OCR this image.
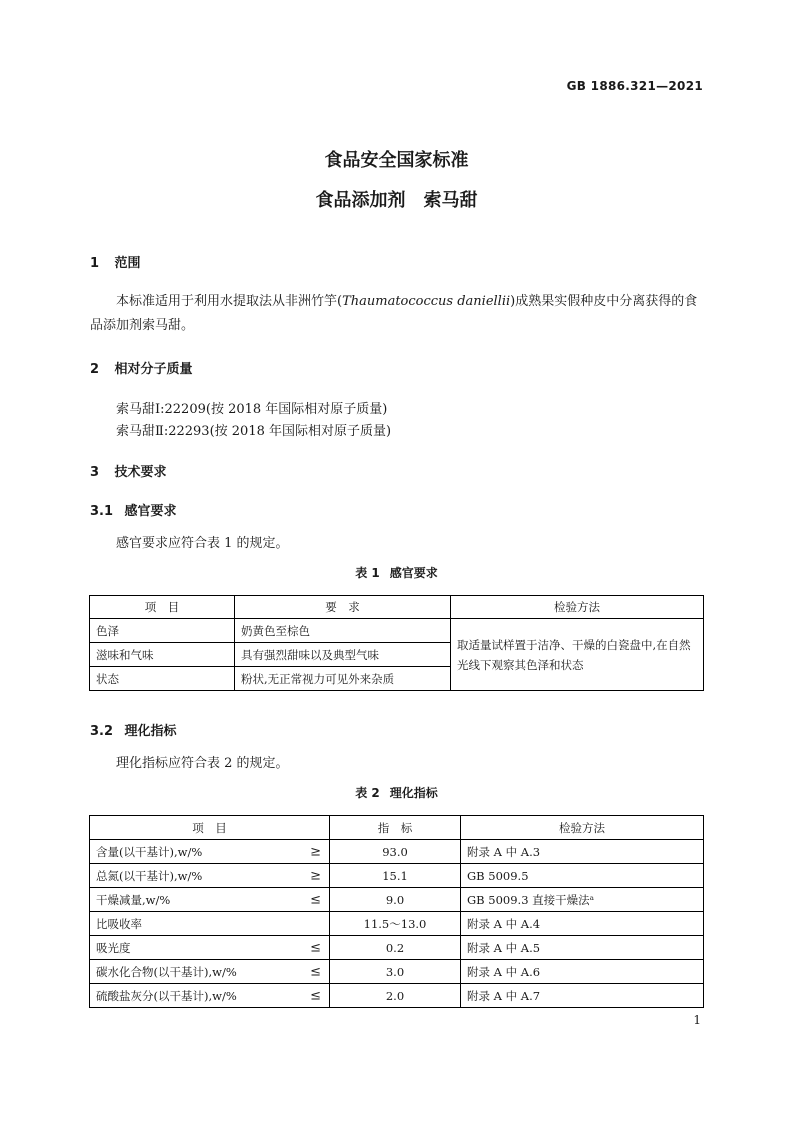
GB 1886.321—2021
食品安全国家标准
食品添加剂　索马甜
1 范围
本标准适用于利用水提取法从非洲竹竽(Thaumatococcus daniellii)成熟果实假种皮中分离获得的食品添加剂索马甜。
2 相对分子质量
索马甜Ⅰ:22209(按 2018 年国际相对原子质量)
索马甜Ⅱ:22293(按 2018 年国际相对原子质量)
3 技术要求
3.1 感官要求
感官要求应符合表 1 的规定。
表 1 感官要求
项　目	要　求	检验方法
色泽	奶黄色至棕色	取适量试样置于洁净、干燥的白瓷盘中,在自然光线下观察其色泽和状态
滋味和气味	具有强烈甜味以及典型气味	
状态	粉状,无正常视力可见外来杂质	
3.2 理化指标
理化指标应符合表 2 的规定。
表 2 理化指标
项　目	指　标	检验方法
含量(以干基计),w/% ≥	93.0	附录 A 中 A.3
总氮(以干基计),w/% ≥	15.1	GB 5009.5
干燥减量,w/% ≤	9.0	GB 5009.3 直接干燥法ᵃ
比吸收率	11.5～13.0	附录 A 中 A.4
吸光度 ≤	0.2	附录 A 中 A.5
碳水化合物(以干基计),w/% ≤	3.0	附录 A 中 A.6
硫酸盐灰分(以干基计),w/% ≤	2.0	附录 A 中 A.7
1
